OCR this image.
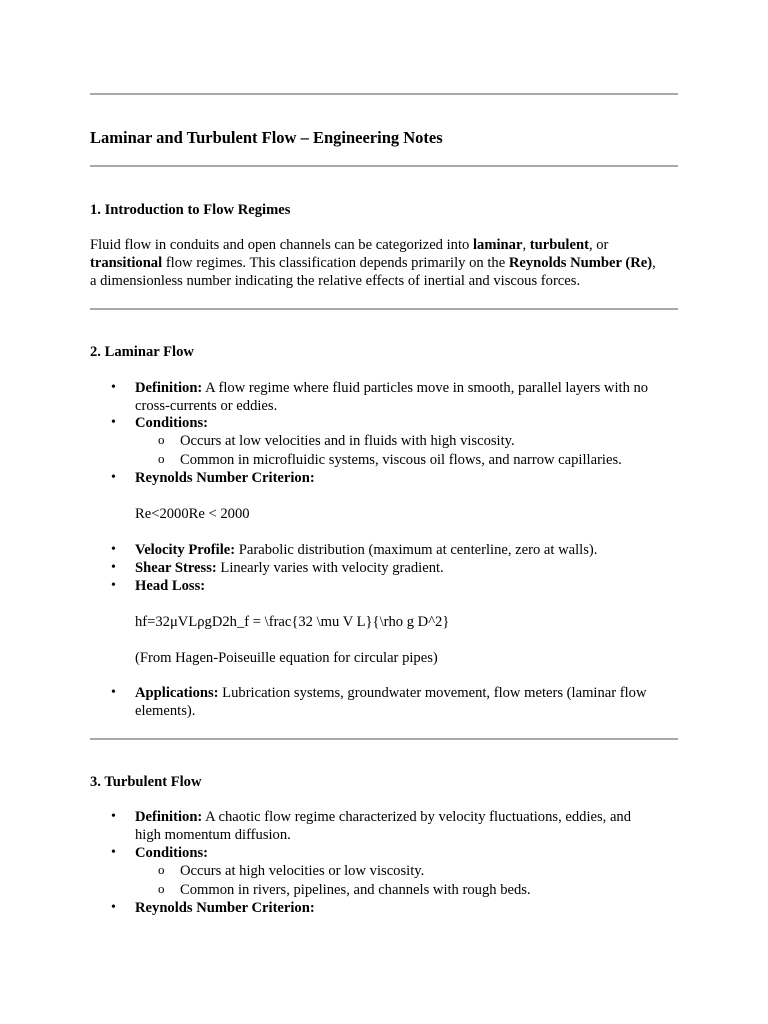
Laminar and Turbulent Flow – Engineering Notes
1. Introduction to Flow Regimes
Fluid flow in conduits and open channels can be categorized into laminar, turbulent, or
transitional flow regimes. This classification depends primarily on the Reynolds Number (Re),
a dimensionless number indicating the relative effects of inertial and viscous forces.
2. Laminar Flow
• Definition: A flow regime where fluid particles move in smooth, parallel layers with no
cross-currents or eddies.
• Conditions:
o Occurs at low velocities and in fluids with high viscosity.
o Common in microfluidic systems, viscous oil flows, and narrow capillaries.
• Reynolds Number Criterion:
Re<2000Re < 2000
• Velocity Profile: Parabolic distribution (maximum at centerline, zero at walls).
• Shear Stress: Linearly varies with velocity gradient.
• Head Loss:
hf=32μVLρgD2h_f = \frac{32 \mu V L}{\rho g D^2}
(From Hagen-Poiseuille equation for circular pipes)
• Applications: Lubrication systems, groundwater movement, flow meters (laminar flow
elements).
3. Turbulent Flow
• Definition: A chaotic flow regime characterized by velocity fluctuations, eddies, and
high momentum diffusion.
• Conditions:
o Occurs at high velocities or low viscosity.
o Common in rivers, pipelines, and channels with rough beds.
• Reynolds Number Criterion:
